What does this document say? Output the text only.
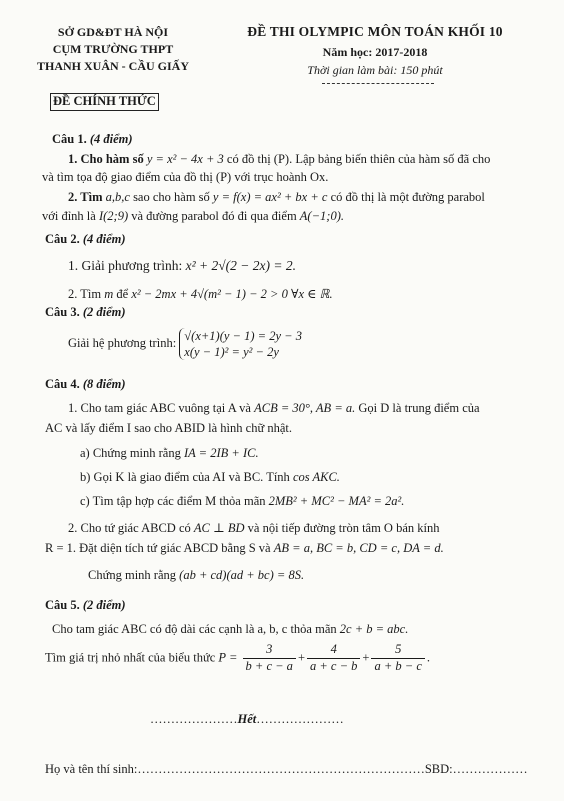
SỞ GD&ĐT HÀ NỘI
CỤM TRƯỜNG THPT
THANH XUÂN - CẦU GIẤY
ĐỀ THI OLYMPIC MÔN TOÁN KHỐI 10
Năm học: 2017-2018
Thời gian làm bài: 150 phút
ĐỀ CHÍNH THỨC
Câu 1. (4 điểm)
1. Cho hàm số y = x² − 4x + 3 có đồ thị (P). Lập bảng biến thiên của hàm số đã cho
và tìm tọa độ giao điểm của đồ thị (P) với trục hoành Ox.
2. Tìm a,b,c sao cho hàm số y = f(x) = ax² + bx + c có đồ thị là một đường parabol
với đỉnh là I(2;9) và đường parabol đó đi qua điểm A(−1;0).
Câu 2. (4 điểm)
1. Giải phương trình: x² + 2√(2 − 2x) = 2.
2. Tìm m để x² − 2mx + 4√(m² − 1) − 2 > 0 ∀x ∈ ℝ.
Câu 3. (2 điểm)
Giải hệ phương trình:
√(x+1)(y − 1) = 2y − 3
x(y − 1)² = y² − 2y
Câu 4. (8 điểm)
1. Cho tam giác ABC vuông tại A và ACB = 30°, AB = a. Gọi D là trung điểm của
AC và lấy điểm I sao cho ABID là hình chữ nhật.
a) Chứng minh rằng IA = 2IB + IC.
b) Gọi K là giao điểm của AI và BC. Tính cos AKC.
c) Tìm tập hợp các điểm M thỏa mãn 2MB² + MC² − MA² = 2a².
2. Cho tứ giác ABCD có AC ⊥ BD và nội tiếp đường tròn tâm O bán kính
R = 1. Đặt diện tích tứ giác ABCD bằng S và AB = a, BC = b, CD = c, DA = d.
Chứng minh rằng (ab + cd)(ad + bc) = 8S.
Câu 5. (2 điểm)
Cho tam giác ABC có độ dài các cạnh là a, b, c thỏa mãn 2c + b = abc.
Tìm giá trị nhỏ nhất của biểu thức $P = \frac{3}{b + c - a} + \frac{4}{a + c - b} + \frac{5}{a + b - c}$ .
…………………Hết…………………
Họ và tên thí sinh:……………………………………………………………SBD:………………
